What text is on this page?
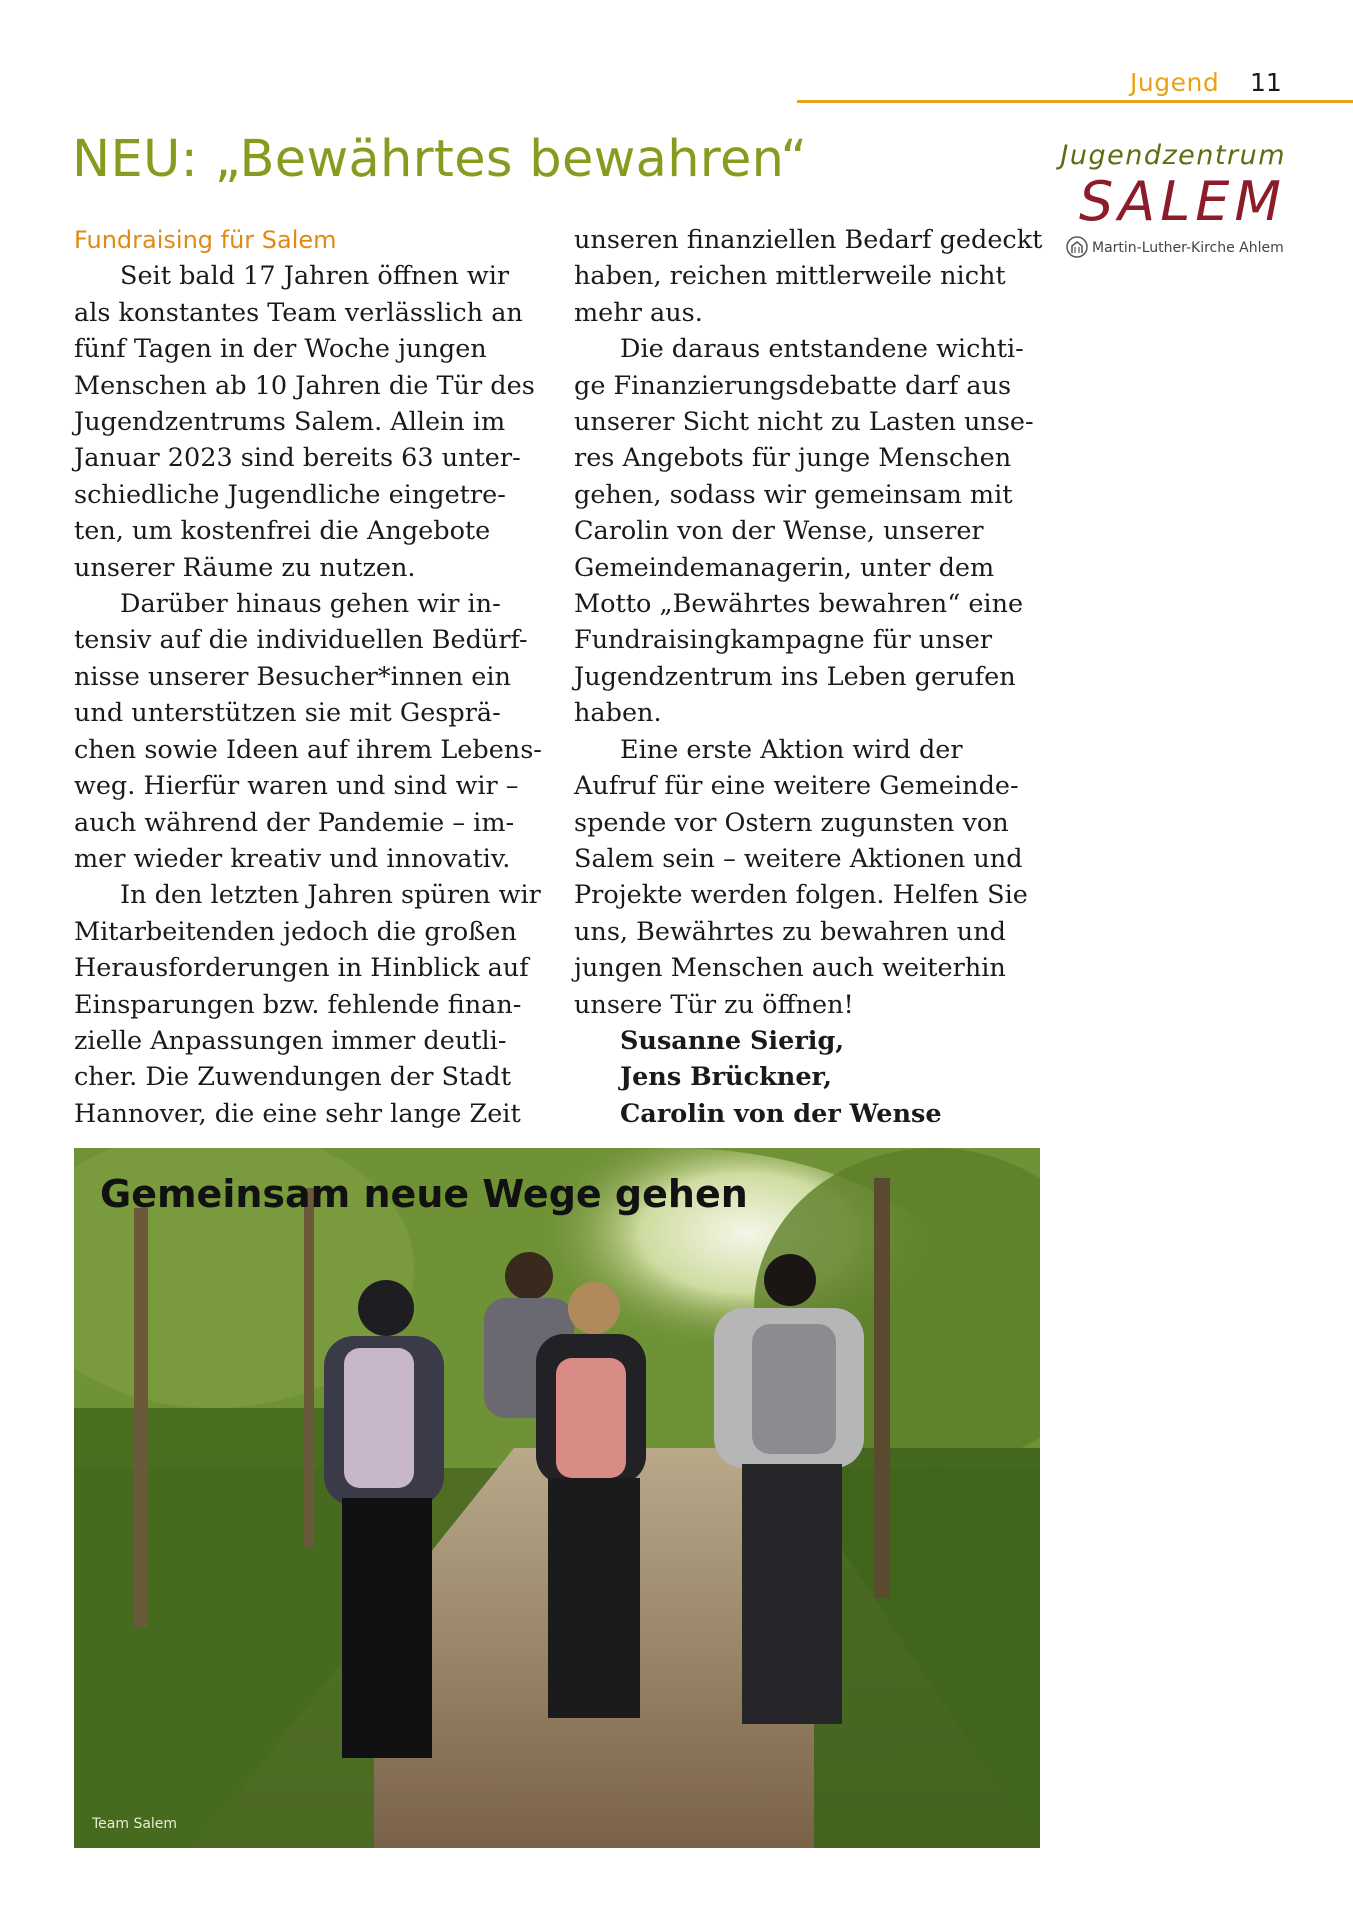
Jugend 11
NEU: „Bewährtes bewahren“	Jugendzentrum
SALEM
Martin-Luther-Kirche Ahlem

Fundraising für Salem

Seit bald 17 Jahren öffnen wir

als konstantes Team verlässlich an

fünf Tagen in der Woche jungen

Menschen ab 10 Jahren die Tür des

Jugendzentrums Salem. Allein im

Januar 2023 sind bereits 63 unter-

schiedliche Jugendliche eingetre-

ten, um kostenfrei die Angebote

unserer Räume zu nutzen.

Darüber hinaus gehen wir in-

tensiv auf die individuellen Bedürf-

nisse unserer Besucher*innen ein

und unterstützen sie mit Gesprä-

chen sowie Ideen auf ihrem Lebens-

weg. Hierfür waren und sind wir –

auch während der Pandemie – im-

mer wieder kreativ und innovativ.

In den letzten Jahren spüren wir

Mitarbeitenden jedoch die großen

Herausforderungen in Hinblick auf

Einsparungen bzw. fehlende finan-

zielle Anpassungen immer deutli-

cher. Die Zuwendungen der Stadt

Hannover, die eine sehr lange Zeit

unseren finanziellen Bedarf gedeckt

haben, reichen mittlerweile nicht

mehr aus.

Die daraus entstandene wichti-

ge Finanzierungsdebatte darf aus

unserer Sicht nicht zu Lasten unse-

res Angebots für junge Menschen

gehen, sodass wir gemeinsam mit

Carolin von der Wense, unserer

Gemeindemanagerin, unter dem

Motto „Bewährtes bewahren“ eine

Fundraisingkampagne für unser

Jugendzentrum ins Leben gerufen

haben.

Eine erste Aktion wird der

Aufruf für eine weitere Gemeinde-

spende vor Ostern zugunsten von

Salem sein – weitere Aktionen und

Projekte werden folgen. Helfen Sie

uns, Bewährtes zu bewahren und

jungen Menschen auch weiterhin

unsere Tür zu öffnen!

Susanne Sierig,

Jens Brückner,

Carolin von der Wense

Gemeinsam neue Wege gehen
Team Salem
